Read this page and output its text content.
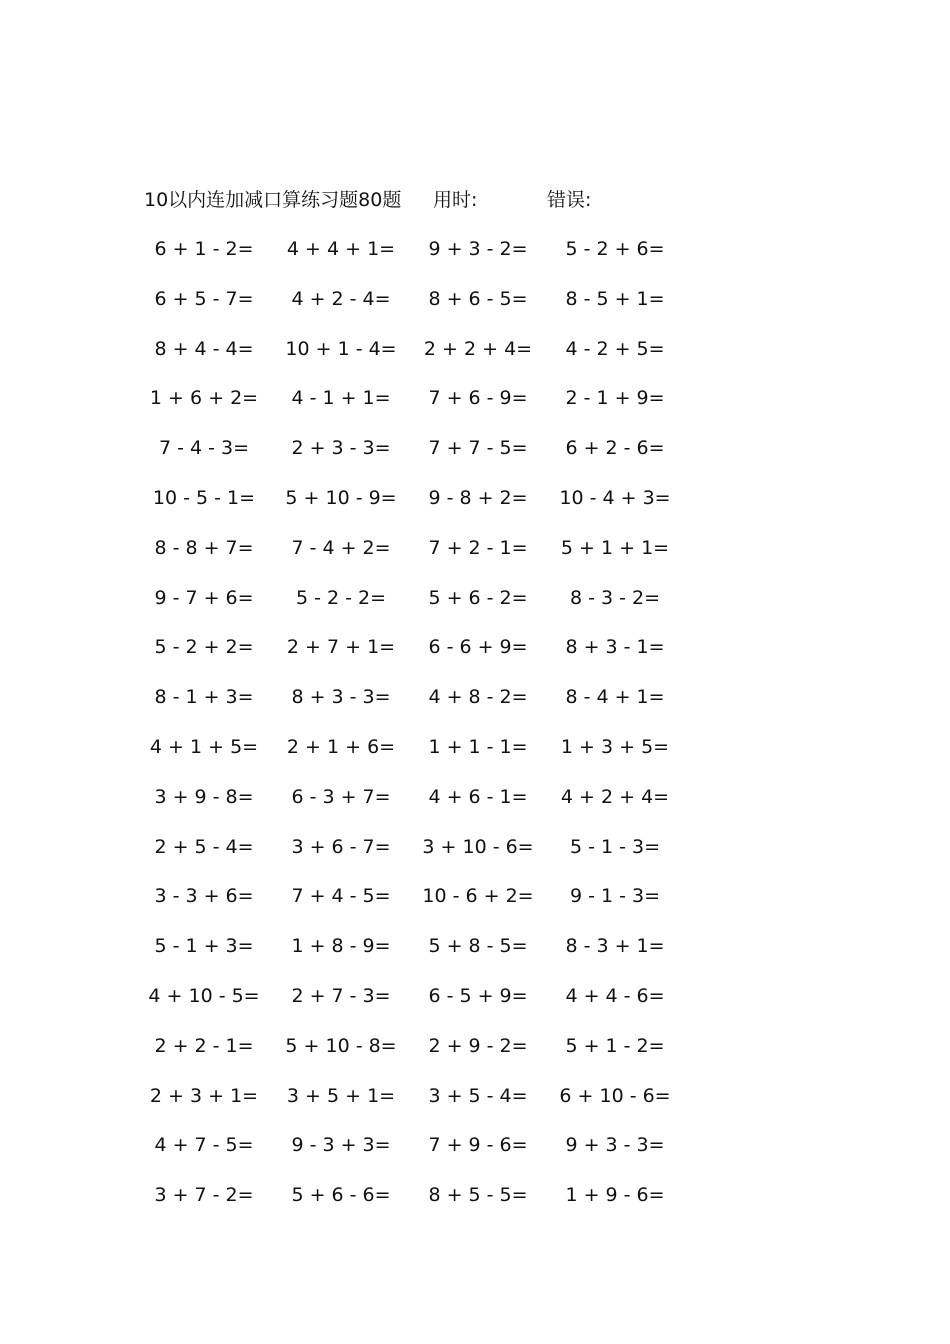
10以内连加减口算练习题80题 用时:	错误:
6 + 1 - 2=	4 + 4 + 1=	9 + 3 - 2=	5 - 2 + 6=
6 + 5 - 7=	4 + 2 - 4=	8 + 6 - 5=	8 - 5 + 1=
8 + 4 - 4=	10 + 1 - 4=	2 + 2 + 4=	4 - 2 + 5=
1 + 6 + 2=	4 - 1 + 1=	7 + 6 - 9=	2 - 1 + 9=
7 - 4 - 3=	2 + 3 - 3=	7 + 7 - 5=	6 + 2 - 6=
10 - 5 - 1=	5 + 10 - 9=	9 - 8 + 2=	10 - 4 + 3=
8 - 8 + 7=	7 - 4 + 2=	7 + 2 - 1=	5 + 1 + 1=
9 - 7 + 6=	5 - 2 - 2=	5 + 6 - 2=	8 - 3 - 2=
5 - 2 + 2=	2 + 7 + 1=	6 - 6 + 9=	8 + 3 - 1=
8 - 1 + 3=	8 + 3 - 3=	4 + 8 - 2=	8 - 4 + 1=
4 + 1 + 5=	2 + 1 + 6=	1 + 1 - 1=	1 + 3 + 5=
3 + 9 - 8=	6 - 3 + 7=	4 + 6 - 1=	4 + 2 + 4=
2 + 5 - 4=	3 + 6 - 7=	3 + 10 - 6=	5 - 1 - 3=
3 - 3 + 6=	7 + 4 - 5=	10 - 6 + 2=	9 - 1 - 3=
5 - 1 + 3=	1 + 8 - 9=	5 + 8 - 5=	8 - 3 + 1=
4 + 10 - 5=	2 + 7 - 3=	6 - 5 + 9=	4 + 4 - 6=
2 + 2 - 1=	5 + 10 - 8=	2 + 9 - 2=	5 + 1 - 2=
2 + 3 + 1=	3 + 5 + 1=	3 + 5 - 4=	6 + 10 - 6=
4 + 7 - 5=	9 - 3 + 3=	7 + 9 - 6=	9 + 3 - 3=
3 + 7 - 2=	5 + 6 - 6=	8 + 5 - 5=	1 + 9 - 6=
